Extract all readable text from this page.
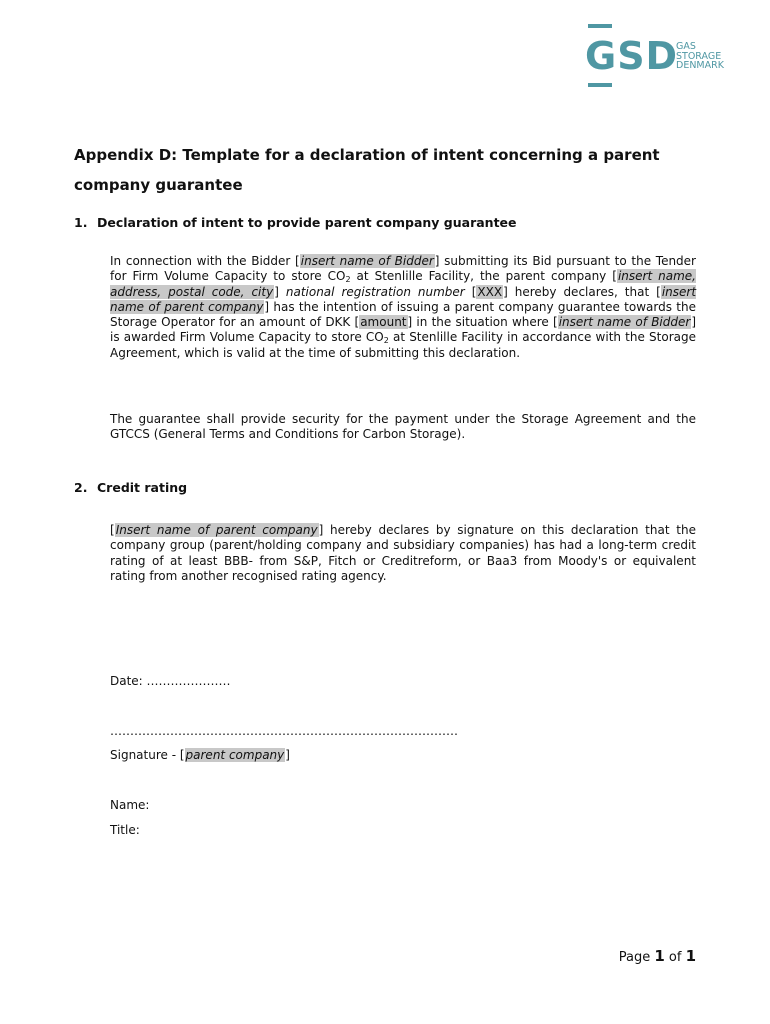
GSD
GAS
STORAGE
DENMARK
Appendix D: Template for a declaration of intent concerning a parent company guarantee
1. Declaration of intent to provide parent company guarantee
In connection with the Bidder [insert name of Bidder] submitting its Bid pursuant to the Tender for Firm Volume Capacity to store $CO_2$ at Stenlille Facility, the parent company [insert name, address, postal code, city] national registration number [XXX] hereby declares, that [insert name of parent company] has the intention of issuing a parent company guarantee towards the Storage Operator for an amount of DKK [amount] in the situation where [insert name of Bidder] is awarded Firm Volume Capacity to store $CO_2$ at Stenlille Facility in accordance with the Storage Agreement, which is valid at the time of submitting this declaration.
The guarantee shall provide security for the payment under the Storage Agreement and the GTCCS (General Terms and Conditions for Carbon Storage).
2. Credit rating
[Insert name of parent company] hereby declares by signature on this declaration that the company group (parent/holding company and subsidiary companies) has had a long-term credit rating of at least BBB- from S&P, Fitch or Creditreform, or Baa3 from Moody's or equivalent rating from another recognised rating agency.
Date: …………………
……………………………………………………………………………
Signature - [parent company]
Name:
Title:
Page 1 of 1
